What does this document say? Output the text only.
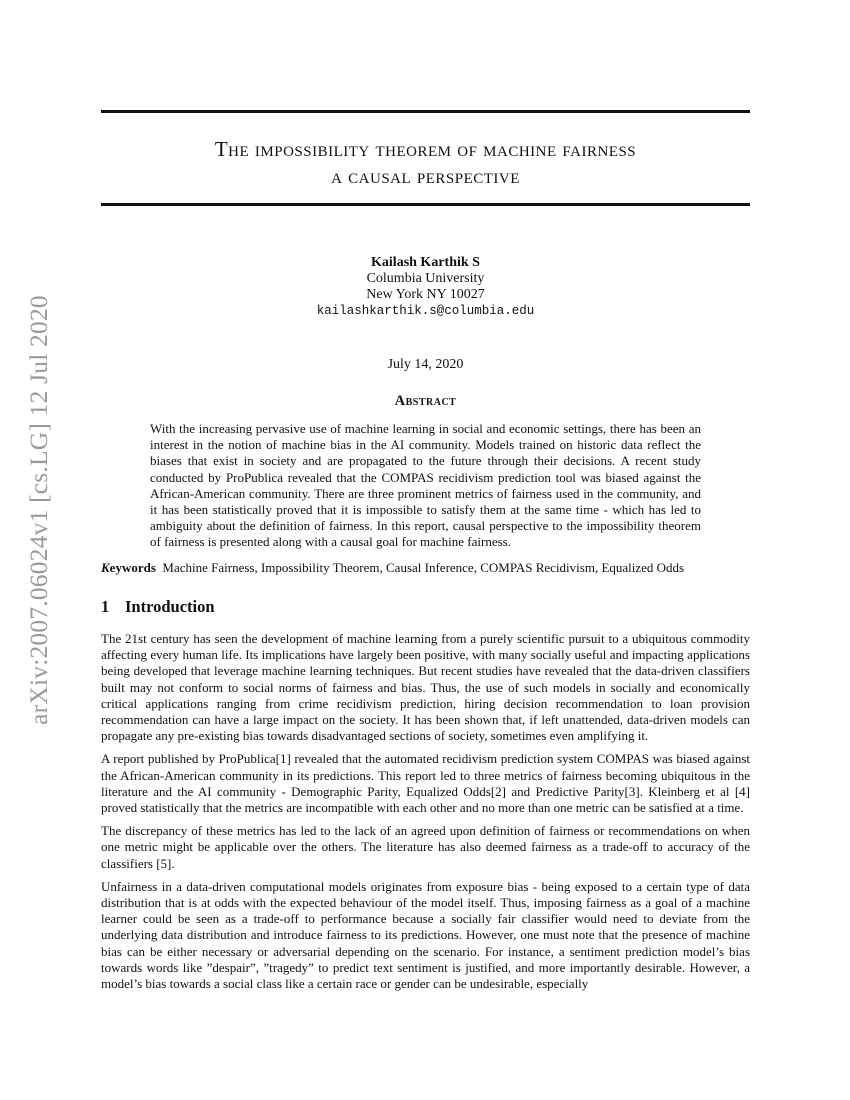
arXiv:2007.06024v1 [cs.LG] 12 Jul 2020
The impossibility theorem of machine fairness
a causal perspective
Kailash Karthik S
Columbia University
New York NY 10027
kailashkarthik.s@columbia.edu
July 14, 2020
Abstract
With the increasing pervasive use of machine learning in social and economic settings, there has been an interest in the notion of machine bias in the AI community. Models trained on historic data reflect the biases that exist in society and are propagated to the future through their decisions. A recent study conducted by ProPublica revealed that the COMPAS recidivism prediction tool was biased against the African-American community. There are three prominent metrics of fairness used in the community, and it has been statistically proved that it is impossible to satisfy them at the same time - which has led to ambiguity about the definition of fairness. In this report, causal perspective to the impossibility theorem of fairness is presented along with a causal goal for machine fairness.
Keywords Machine Fairness, Impossibility Theorem, Causal Inference, COMPAS Recidivism, Equalized Odds
1 Introduction

The 21st century has seen the development of machine learning from a purely scientific pursuit to a ubiquitous commodity affecting every human life. Its implications have largely been positive, with many socially useful and impacting applications being developed that leverage machine learning techniques. But recent studies have revealed that the data-driven classifiers built may not conform to social norms of fairness and bias. Thus, the use of such models in socially and economically critical applications ranging from crime recidivism prediction, hiring decision recommendation to loan provision recommendation can have a large impact on the society. It has been shown that, if left unattended, data-driven models can propagate any pre-existing bias towards disadvantaged sections of society, sometimes even amplifying it.

A report published by ProPublica[1] revealed that the automated recidivism prediction system COMPAS was biased against the African-American community in its predictions. This report led to three metrics of fairness becoming ubiquitous in the literature and the AI community - Demographic Parity, Equalized Odds[2] and Predictive Parity[3]. Kleinberg et al [4] proved statistically that the metrics are incompatible with each other and no more than one metric can be satisfied at a time.

The discrepancy of these metrics has led to the lack of an agreed upon definition of fairness or recommendations on when one metric might be applicable over the others. The literature has also deemed fairness as a trade-off to accuracy of the classifiers [5].

Unfairness in a data-driven computational models originates from exposure bias - being exposed to a certain type of data distribution that is at odds with the expected behaviour of the model itself. Thus, imposing fairness as a goal of a machine learner could be seen as a trade-off to performance because a socially fair classifier would need to deviate from the underlying data distribution and introduce fairness to its predictions. However, one must note that the presence of machine bias can be either necessary or adversarial depending on the scenario. For instance, a sentiment prediction model’s bias towards words like ”despair”, ”tragedy” to predict text sentiment is justified, and more importantly desirable. However, a model’s bias towards a social class like a certain race or gender can be undesirable, especially
